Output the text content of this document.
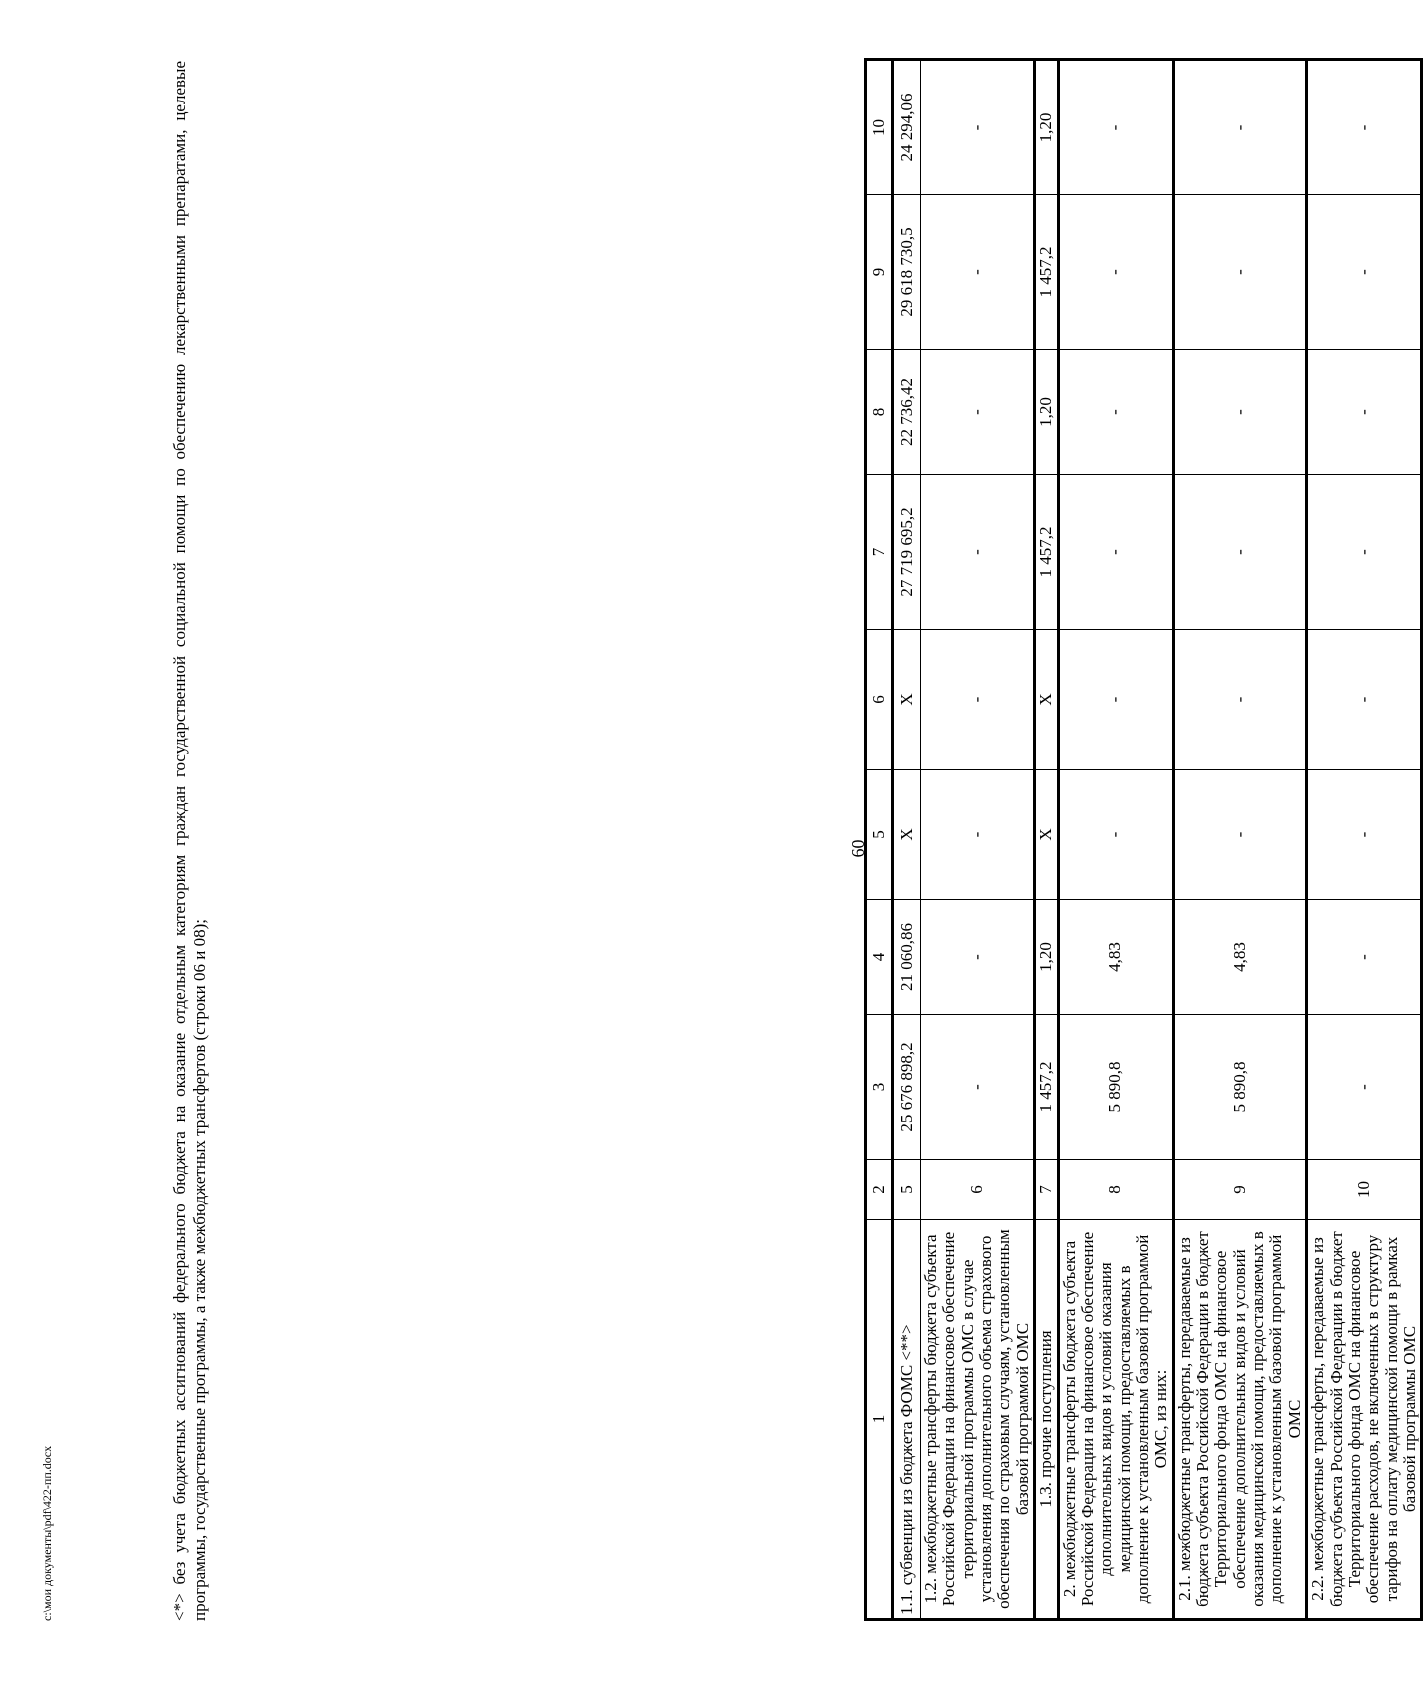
60
1	2	3	4	5	6	7	8	9	10
1.1. субвенции из бюджета ФОМС <**>	5	25 676 898,2	21 060,86	X	X	27 719 695,2	22 736,42	29 618 730,5	24 294,06
1.2. межбюджетные трансферты бюджета субъекта Российской Федерации на финансовое обеспечение территориальной программы ОМС в случае установления дополнительного объема страхового обеспечения по страховым случаям, установленным базовой программой ОМС	6	-	-	-	-	-	-	-	-
1.3. прочие поступления	7	1 457,2	1,20	X	X	1 457,2	1,20	1 457,2	1,20
2. межбюджетные трансферты бюджета субъекта Российской Федерации на финансовое обеспечение дополнительных видов и условий оказания медицинской помощи, предоставляемых в дополнение к установленным базовой программой ОМС, из них:	8	5 890,8	4,83	-	-	-	-	-	-
2.1. межбюджетные трансферты, передаваемые из бюджета субъекта Российской Федерации в бюджет Территориального фонда ОМС на финансовое обеспечение дополнительных видов и условий оказания медицинской помощи, предоставляемых в дополнение к установленным базовой программой ОМС	9	5 890,8	4,83	-	-	-	-	-	-
2.2. межбюджетные трансферты, передаваемые из бюджета субъекта Российской Федерации в бюджет Территориального фонда ОМС на финансовое обеспечение расходов, не включенных в структуру тарифов на оплату медицинской помощи в рамках базовой программы ОМС	10	-	-	-	-	-	-	-	-
<*> без учета бюджетных ассигнований федерального бюджета на оказание отдельным категориям граждан государственной социальной помощи по обеспечению лекарственными препаратами, целевые программы, государственные программы, а также межбюджетных трансфертов (строки 06 и 08);
c:\мои документы\pdf\422-пп.docx
